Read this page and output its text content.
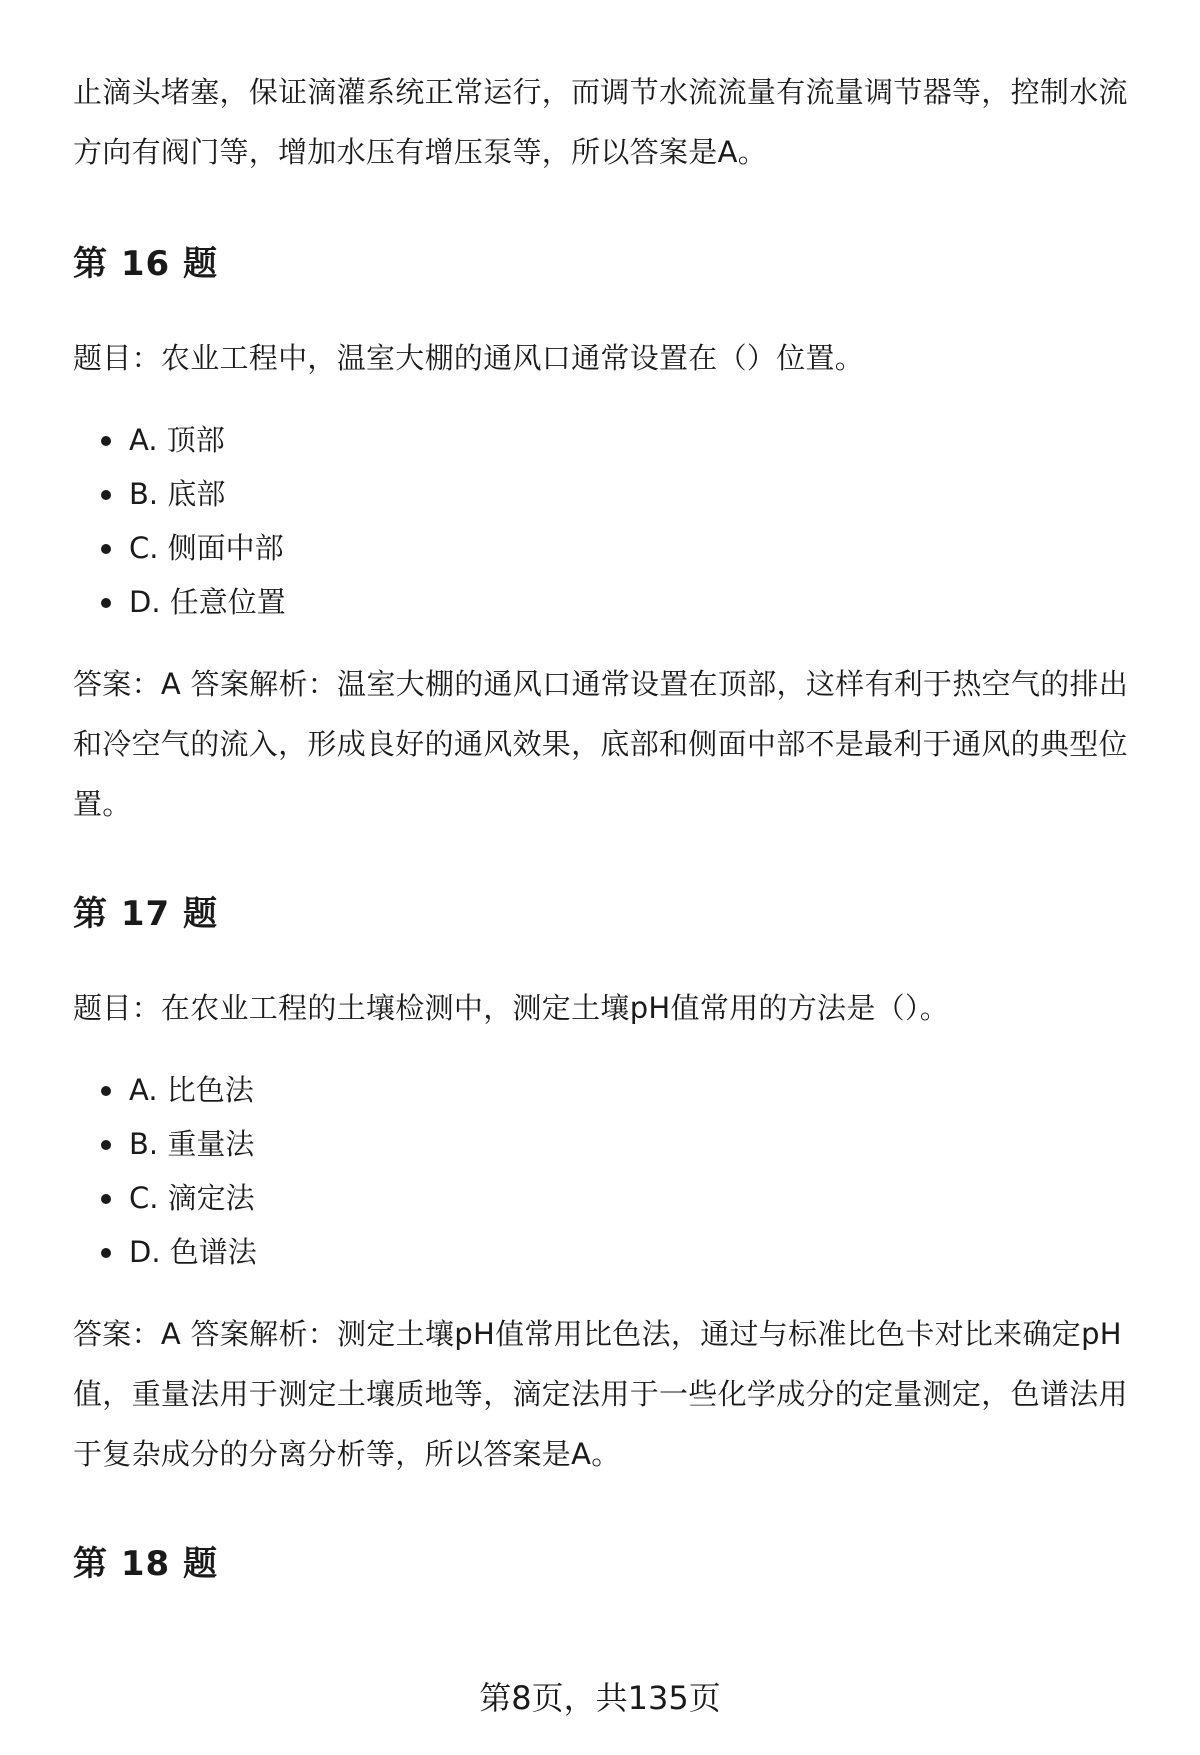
止滴头堵塞，保证滴灌系统正常运行，而调节水流流量有流量调节器等，控制水流

方向有阀门等，增加水压有增压泵等，所以答案是A。

第 16 题

题目：农业工程中，温室大棚的通风口通常设置在（）位置。

A. 顶部
B. 底部
C. 侧面中部
D. 任意位置

答案：A 答案解析：温室大棚的通风口通常设置在顶部，这样有利于热空气的排出

和冷空气的流入，形成良好的通风效果，底部和侧面中部不是最利于通风的典型位

置。

第 17 题

题目：在农业工程的土壤检测中，测定土壤pH值常用的方法是（）。

A. 比色法
B. 重量法
C. 滴定法
D. 色谱法

答案：A 答案解析：测定土壤pH值常用比色法，通过与标准比色卡对比来确定pH

值，重量法用于测定土壤质地等，滴定法用于一些化学成分的定量测定，色谱法用

于复杂成分的分离分析等，所以答案是A。

第 18 题
第8页，共135页
